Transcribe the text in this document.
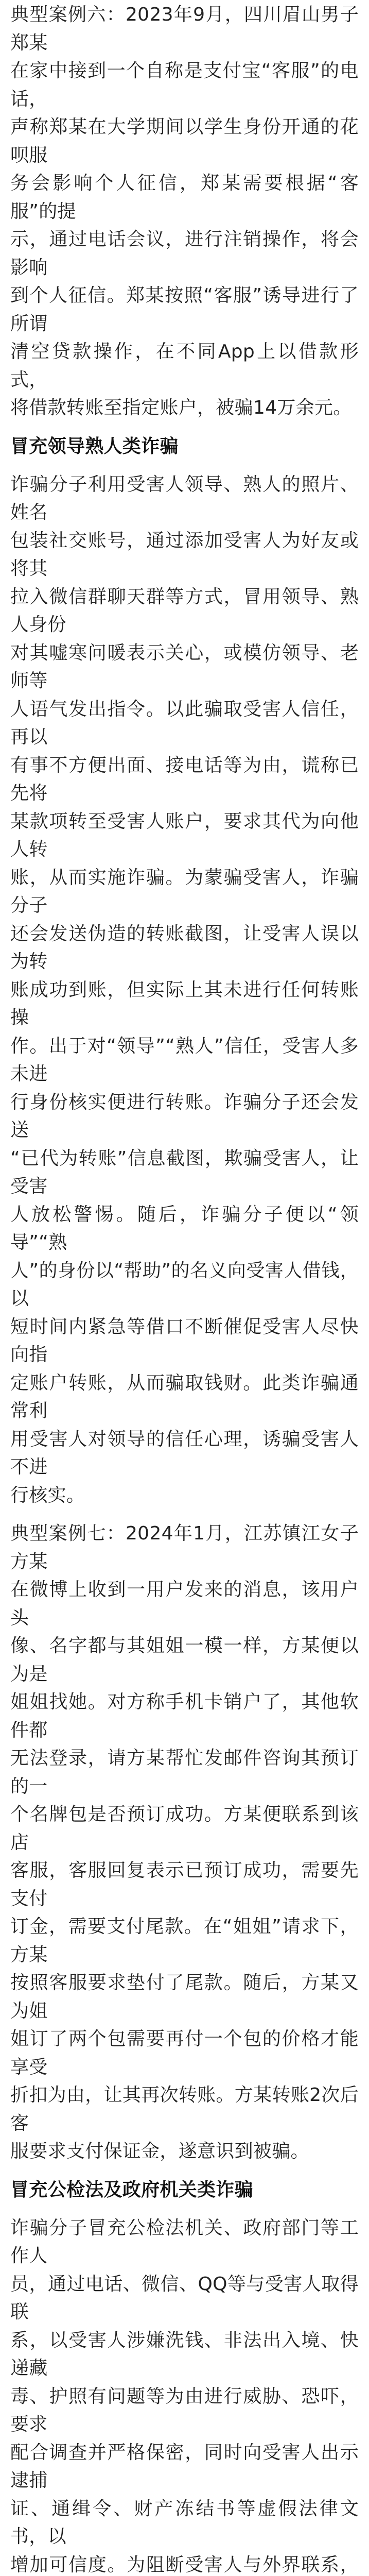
典型案例六：2023年9月，四川眉山男子郑某
在家中接到一个自称是支付宝“客服”的电话，
声称郑某在大学期间以学生身份开通的花呗服
务会影响个人征信，郑某需要根据“客服”的提
示，通过电话会议，进行注销操作，将会影响
到个人征信。郑某按照“客服”诱导进行了所谓
清空贷款操作，在不同App上以借款形式，
将借款转账至指定账户，被骗14万余元。

冒充领导熟人类诈骗

诈骗分子利用受害人领导、熟人的照片、姓名
包装社交账号，通过添加受害人为好友或将其
拉入微信群聊天群等方式，冒用领导、熟人身份
对其嘘寒问暖表示关心，或模仿领导、老师等
人语气发出指令。以此骗取受害人信任，再以
有事不方便出面、接电话等为由，谎称已先将
某款项转至受害人账户，要求其代为向他人转
账，从而实施诈骗。为蒙骗受害人，诈骗分子
还会发送伪造的转账截图，让受害人误以为转
账成功到账，但实际上其未进行任何转账操
作。出于对“领导”“熟人”信任，受害人多未进
行身份核实便进行转账。诈骗分子还会发送
“已代为转账”信息截图，欺骗受害人，让受害
人放松警惕。随后，诈骗分子便以“领导”“熟
人”的身份以“帮助”的名义向受害人借钱，以
短时间内紧急等借口不断催促受害人尽快向指
定账户转账，从而骗取钱财。此类诈骗通常利
用受害人对领导的信任心理，诱骗受害人不进
行核实。

典型案例七：2024年1月，江苏镇江女子方某
在微博上收到一用户发来的消息，该用户头
像、名字都与其姐姐一模一样，方某便以为是
姐姐找她。对方称手机卡销户了，其他软件都
无法登录，请方某帮忙发邮件咨询其预订的一
个名牌包是否预订成功。方某便联系到该店
客服，客服回复表示已预订成功，需要先支付
订金，需要支付尾款。在“姐姐”请求下，方某
按照客服要求垫付了尾款。随后，方某又为姐
姐订了两个包需要再付一个包的价格才能享受
折扣为由，让其再次转账。方某转账2次后客
服要求支付保证金，遂意识到被骗。

冒充公检法及政府机关类诈骗

诈骗分子冒充公检法机关、政府部门等工作人
员，通过电话、微信、QQ等与受害人取得联
系，以受害人涉嫌洗钱、非法出入境、快递藏
毒、护照有问题等为由进行威胁、恐吓，要求
配合调查并严格保密，同时向受害人出示逮捕
证、通缉令、财产冻结书等虚假法律文书，以
增加可信度。为阻断受害人与外界联系，
